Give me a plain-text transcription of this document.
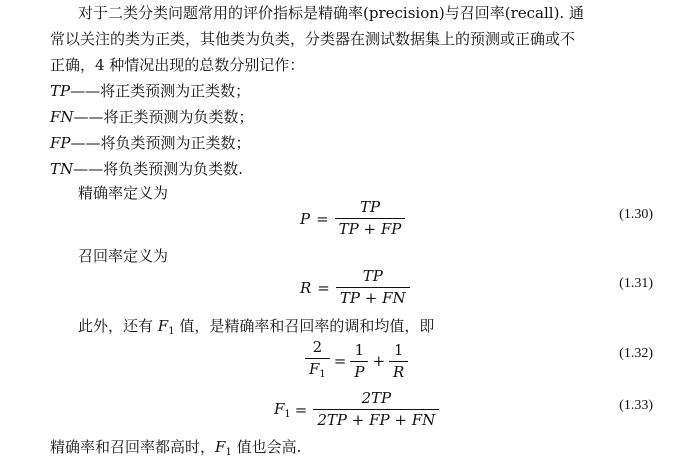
对于二类分类问题常用的评价指标是精确率(precision)与召回率(recall). 通
常以关注的类为正类，其他类为负类，分类器在测试数据集上的预测或正确或不
正确，4 种情况出现的总数分别记作：
TP——将正类预测为正类数；
FN——将正类预测为负类数；
FP——将负类预测为正类数；
TN——将负类预测为负类数.
精确率定义为
$P = \frac{TP}{TP + FP}$	(1.30)
召回率定义为
$R = \frac{TP}{TP + FN}$	(1.31)
此外，还有 $F_1$ 值，是精确率和召回率的调和均值，即
$\frac{2}{F_1} = \frac{1}{P} + \frac{1}{R}$	(1.32)
$F_1 = \frac{2TP}{2TP + FP + FN}$	(1.33)
精确率和召回率都高时，$F_1$ 值也会高.
